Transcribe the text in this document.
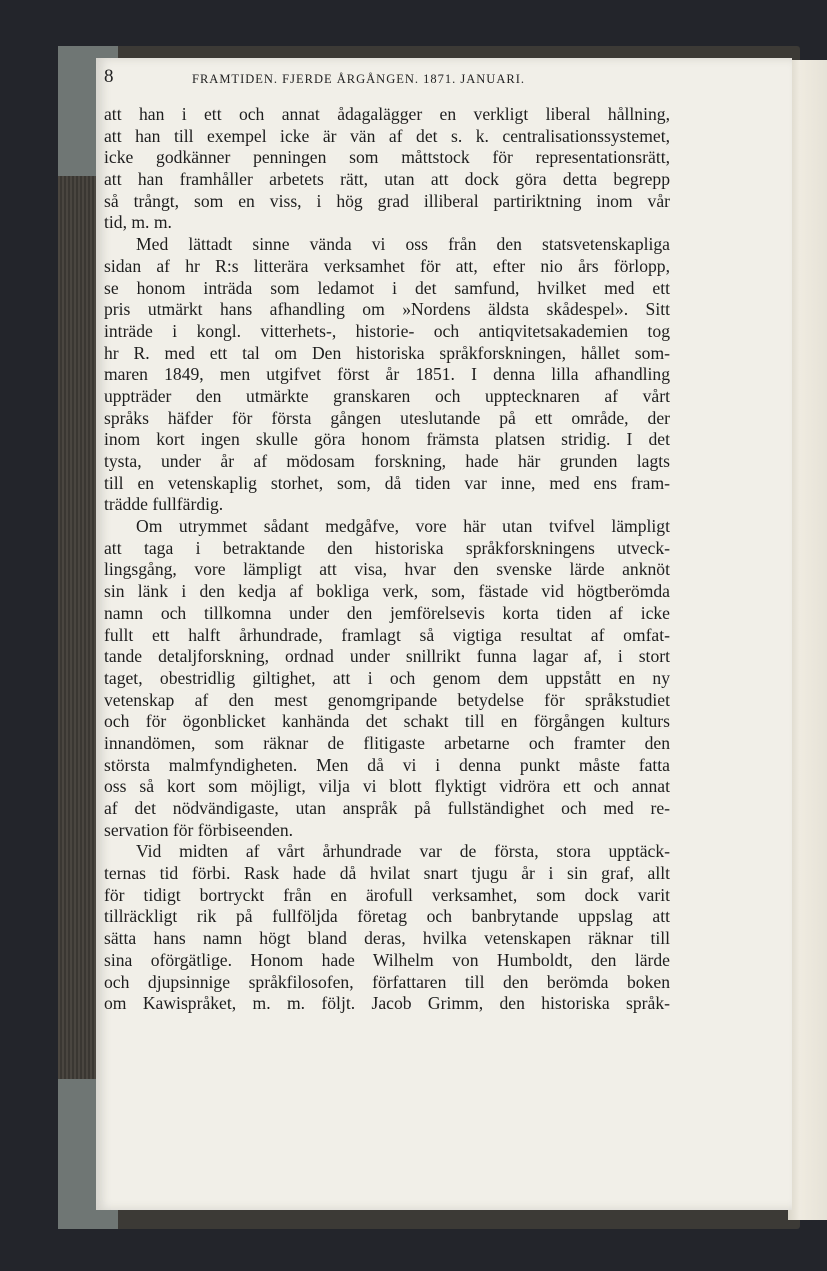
8	FRAMTIDEN. FJERDE ÅRGÅNGEN. 1871. JANUARI.
att han i ett och annat ådagalägger en verkligt liberal hållning,
att han till exempel icke är vän af det s. k. centralisationssystemet,
icke godkänner penningen som måttstock för representationsrätt,
att han framhåller arbetets rätt, utan att dock göra detta begrepp
så trångt, som en viss, i hög grad illiberal partiriktning inom vår
tid, m. m.
Med lättadt sinne vända vi oss från den statsvetenskapliga
sidan af hr R:s litterära verksamhet för att, efter nio års förlopp,
se honom inträda som ledamot i det samfund, hvilket med ett
pris utmärkt hans afhandling om »Nordens äldsta skådespel». Sitt
inträde i kongl. vitterhets-, historie- och antiqvitetsakademien tog
hr R. med ett tal om Den historiska språkforskningen, hållet som-
maren 1849, men utgifvet först år 1851. I denna lilla afhandling
uppträder den utmärkte granskaren och upptecknaren af vårt
språks häfder för första gången uteslutande på ett område, der
inom kort ingen skulle göra honom främsta platsen stridig. I det
tysta, under år af mödosam forskning, hade här grunden lagts
till en vetenskaplig storhet, som, då tiden var inne, med ens fram-
trädde fullfärdig.
Om utrymmet sådant medgåfve, vore här utan tvifvel lämpligt
att taga i betraktande den historiska språkforskningens utveck-
lingsgång, vore lämpligt att visa, hvar den svenske lärde anknöt
sin länk i den kedja af bokliga verk, som, fästade vid högtberömda
namn och tillkomna under den jemförelsevis korta tiden af icke
fullt ett halft århundrade, framlagt så vigtiga resultat af omfat-
tande detaljforskning, ordnad under snillrikt funna lagar af, i stort
taget, obestridlig giltighet, att i och genom dem uppstått en ny
vetenskap af den mest genomgripande betydelse för språkstudiet
och för ögonblicket kanhända det schakt till en förgången kulturs
innandömen, som räknar de flitigaste arbetarne och framter den
största malmfyndigheten. Men då vi i denna punkt måste fatta
oss så kort som möjligt, vilja vi blott flyktigt vidröra ett och annat
af det nödvändigaste, utan anspråk på fullständighet och med re-
servation för förbiseenden.
Vid midten af vårt århundrade var de första, stora upptäck-
ternas tid förbi. Rask hade då hvilat snart tjugu år i sin graf, allt
för tidigt bortryckt från en ärofull verksamhet, som dock varit
tillräckligt rik på fullföljda företag och banbrytande uppslag att
sätta hans namn högt bland deras, hvilka vetenskapen räknar till
sina oförgätlige. Honom hade Wilhelm von Humboldt, den lärde
och djupsinnige språkfilosofen, författaren till den berömda boken
om Kawispråket, m. m. följt. Jacob Grimm, den historiska språk-
